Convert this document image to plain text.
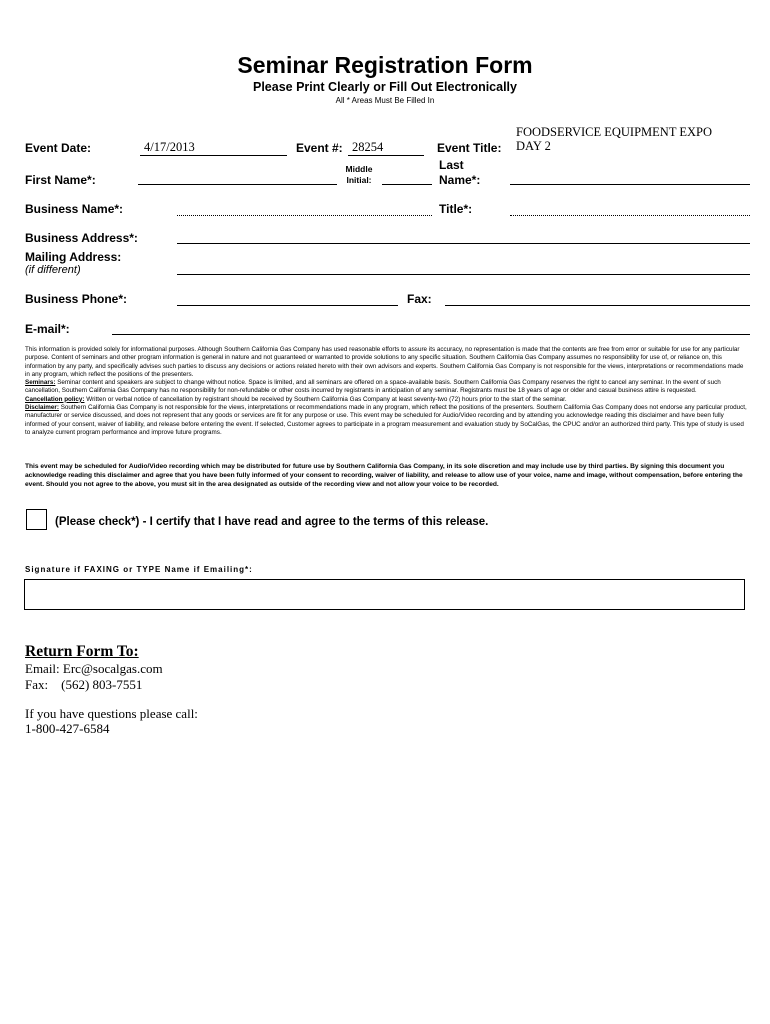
Seminar Registration Form
Please Print Clearly or Fill Out Electronically
All * Areas Must Be Filled In
Event Date:	4/17/2013	Event #: 28254	Event Title:
FOODSERVICE EQUIPMENT EXPO
DAY 2
First Name*:
Middle
Initial:
Last
Name*:
Business Name*:	Title*:
Business Address*:
Mailing Address:
(if different)
Business Phone*:	Fax:
E-mail*:

This information is provided solely for informational purposes. Although Southern California Gas Company has used reasonable efforts to assure its accuracy, no representation is made that the contents are free from error or suitable for use for any particular purpose. Content of seminars and other program information is general in nature and not guaranteed or warranted to provide solutions to any specific situation. Southern California Gas Company assumes no responsibility for use of, or reliance on, this information by any party, and specifically advises such parties to discuss any decisions or actions related hereto with their own advisors and experts. Southern California Gas Company is not responsible for the views, interpretations or recommendations made in any program, which reflect the positions of the presenters.

Seminars: Seminar content and speakers are subject to change without notice. Space is limited, and all seminars are offered on a space-available basis. Southern California Gas Company reserves the right to cancel any seminar. In the event of such cancellation, Southern California Gas Company has no responsibility for non-refundable or other costs incurred by registrants in anticipation of any seminar. Registrants must be 18 years of age or older and casual business attire is requested.

Cancellation policy: Written or verbal notice of cancellation by registrant should be received by Southern California Gas Company at least seventy-two (72) hours prior to the start of the seminar.

Disclaimer: Southern California Gas Company is not responsible for the views, interpretations or recommendations made in any program, which reflect the positions of the presenters. Southern California Gas Company does not endorse any particular product, manufacturer or service discussed, and does not represent that any goods or services are fit for any purpose or use. This event may be scheduled for Audio/Video recording and by attending you acknowledge reading this disclaimer and have been fully informed of your consent, waiver of liability, and release before entering the event. If selected, Customer agrees to participate in a program measurement and evaluation study by SoCalGas, the CPUC and/or an authorized third party. This type of study is used to analyze current program performance and improve future programs.

This event may be scheduled for Audio/Video recording which may be distributed for future use by Southern California Gas Company, in its sole discretion and may include use by third parties. By signing this document you acknowledge reading this disclaimer and agree that you have been fully informed of your consent to recording, waiver of liability, and release to allow use of your voice, name and image, without compensation, before entering the event. Should you not agree to the above, you must sit in the area designated as outside of the recording view and not allow your voice to be recorded.
(Please check*) - I certify that I have read and agree to the terms of this release.
Signature if FAXING or TYPE Name if Emailing*:
Return Form To:
Email: Erc@socalgas.com
Fax:    (562) 803-7551
If you have questions please call:
1-800-427-6584
